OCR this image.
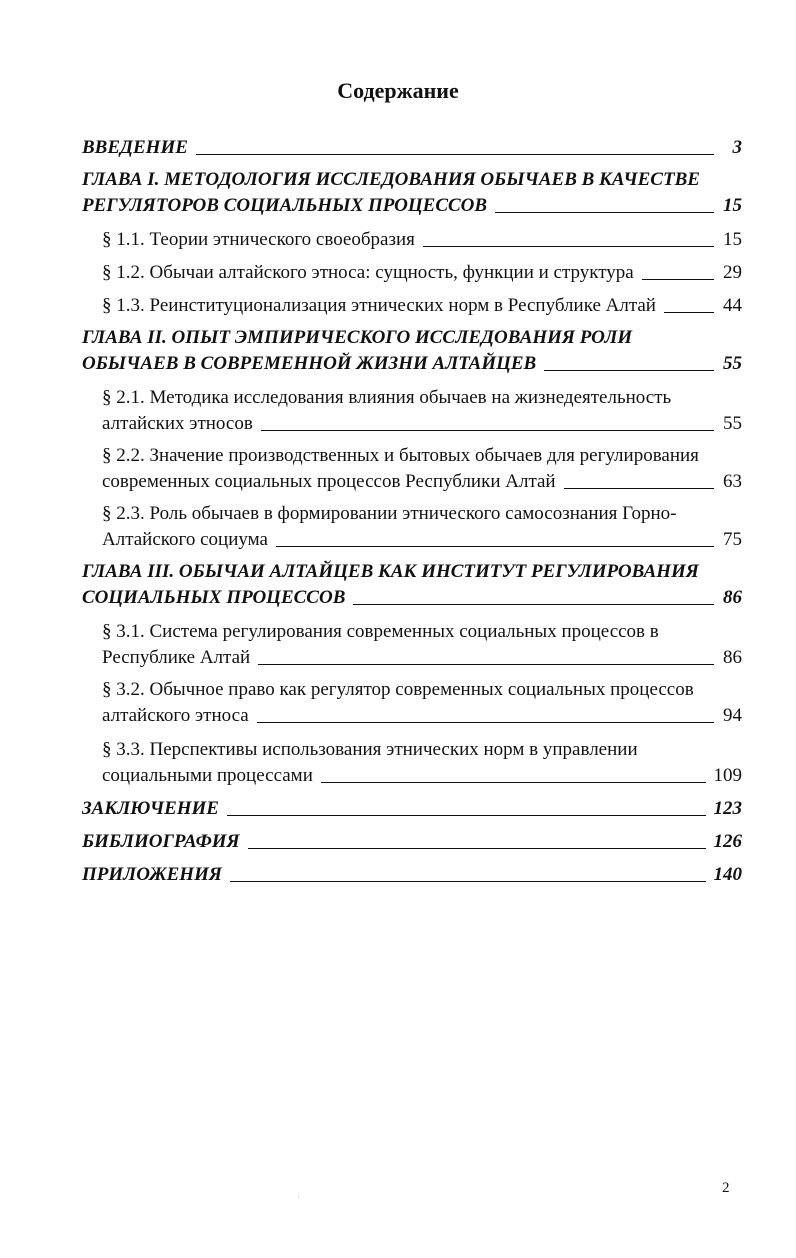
Содержание
ВВЕДЕНИЕ	3
ГЛАВА I. МЕТОДОЛОГИЯ ИССЛЕДОВАНИЯ ОБЫЧАЕВ В КАЧЕСТВЕ
РЕГУЛЯТОРОВ СОЦИАЛЬНЫХ ПРОЦЕССОВ	15
§ 1.1. Теории этнического своеобразия	15
§ 1.2. Обычаи алтайского этноса: сущность, функции и структура	29
§ 1.3. Реинституционализация этнических норм в Республике Алтай	44
ГЛАВА II. ОПЫТ ЭМПИРИЧЕСКОГО ИССЛЕДОВАНИЯ РОЛИ
ОБЫЧАЕВ В СОВРЕМЕННОЙ ЖИЗНИ АЛТАЙЦЕВ	55
§ 2.1. Методика исследования влияния обычаев на жизнедеятельность
алтайских этносов	55
§ 2.2. Значение производственных и бытовых обычаев для регулирования
современных социальных процессов Республики Алтай	63
§ 2.3. Роль обычаев в формировании этнического самосознания Горно-
Алтайского социума	75
ГЛАВА III. ОБЫЧАИ АЛТАЙЦЕВ КАК ИНСТИТУТ РЕГУЛИРОВАНИЯ
СОЦИАЛЬНЫХ ПРОЦЕССОВ	86
§ 3.1. Система регулирования современных социальных процессов в
Республике Алтай	86
§ 3.2. Обычное право как регулятор современных социальных процессов
алтайского этноса	94
§ 3.3. Перспективы использования этнических норм в управлении
социальными процессами	109
ЗАКЛЮЧЕНИЕ	123
БИБЛИОГРАФИЯ	126
ПРИЛОЖЕНИЯ	140
2
